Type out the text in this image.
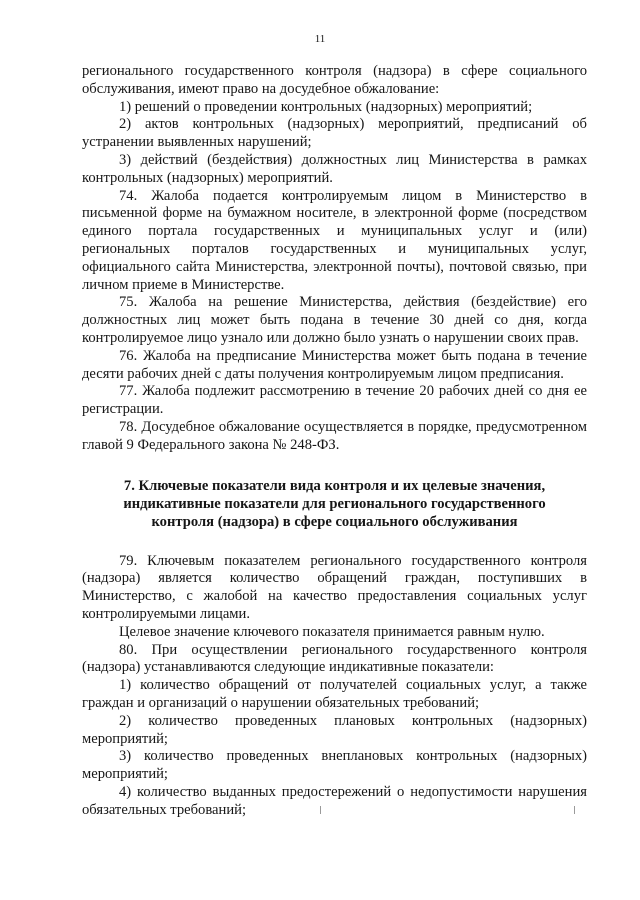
11

регионального государственного контроля (надзора) в сфере социального обслуживания, имеют право на досудебное обжалование:

1) решений о проведении контрольных (надзорных) мероприятий;

2) актов контрольных (надзорных) мероприятий, предписаний об устранении выявленных нарушений;

3) действий (бездействия) должностных лиц Министерства в рамках контрольных (надзорных) мероприятий.

74. Жалоба подается контролируемым лицом в Министерство в письменной форме на бумажном носителе, в электронной форме (посредством единого портала государственных и муниципальных услуг и (или) региональных порталов государственных и муниципальных услуг, официального сайта Министерства, электронной почты), почтовой связью, при личном приеме в Министерстве.

75. Жалоба на решение Министерства, действия (бездействие) его должностных лиц может быть подана в течение 30 дней со дня, когда контролируемое лицо узнало или должно было узнать о нарушении своих прав.

76. Жалоба на предписание Министерства может быть подана в течение десяти рабочих дней с даты получения контролируемым лицом предписания.

77. Жалоба подлежит рассмотрению в течение 20 рабочих дней со дня ее регистрации.

78. Досудебное обжалование осуществляется в порядке, предусмотренном главой 9 Федерального закона № 248-ФЗ.

7. Ключевые показатели вида контроля и их целевые значения, индикативные показатели для регионального государственного контроля (надзора) в сфере социального обслуживания

79. Ключевым показателем регионального государственного контроля (надзора) является количество обращений граждан, поступивших в Министерство, с жалобой на качество предоставления социальных услуг контролируемыми лицами.

Целевое значение ключевого показателя принимается равным нулю.

80. При осуществлении регионального государственного контроля (надзора) устанавливаются следующие индикативные показатели:

1) количество обращений от получателей социальных услуг, а также граждан и организаций о нарушении обязательных требований;

2) количество проведенных плановых контрольных (надзорных) мероприятий;

3) количество проведенных внеплановых контрольных (надзорных) мероприятий;

4) количество выданных предостережений о недопустимости нарушения обязательных требований;
